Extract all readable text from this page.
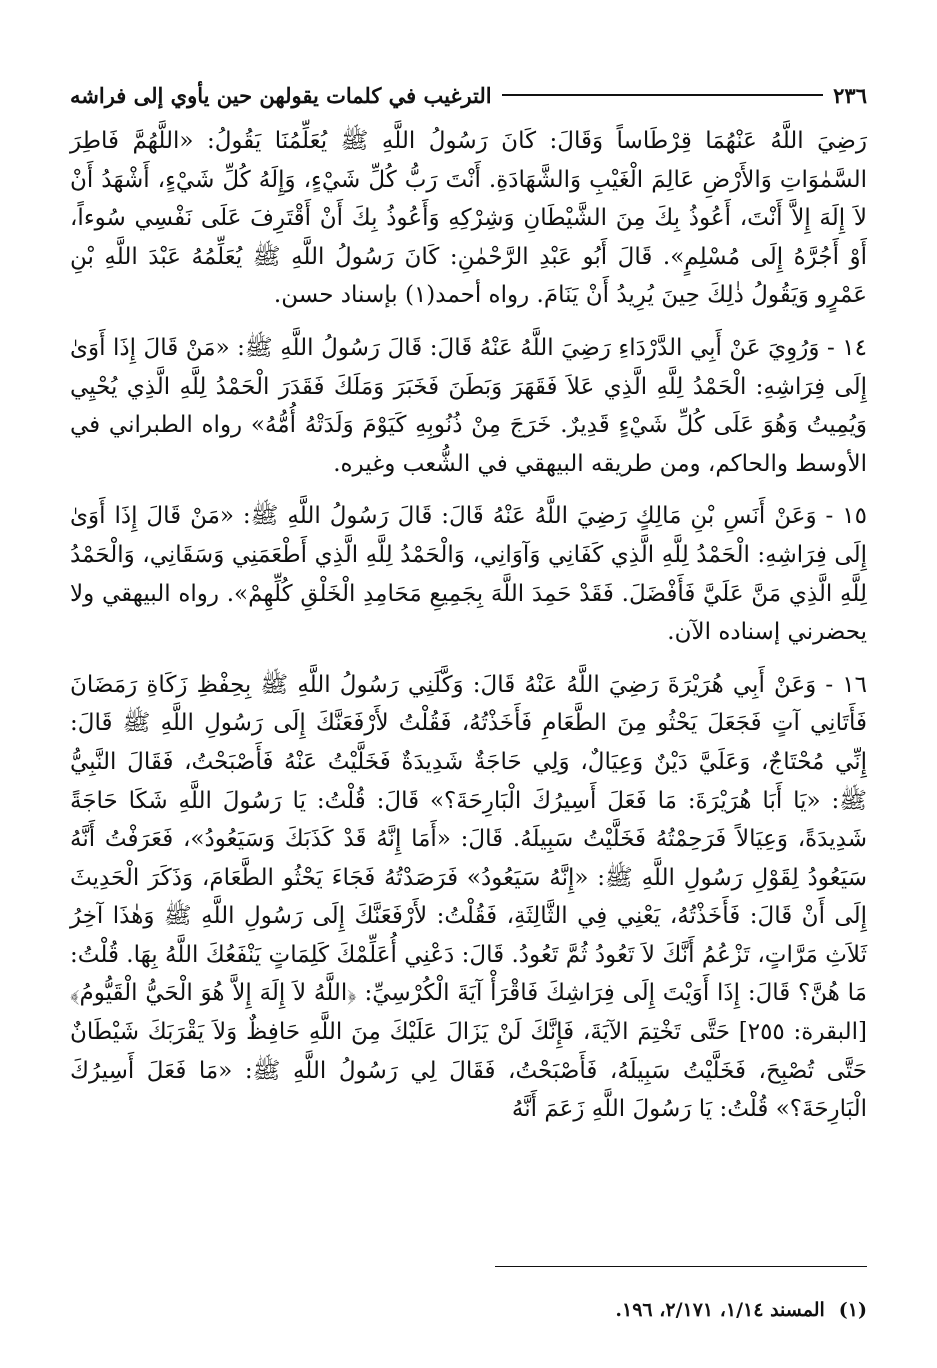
٢٣٦
الترغيب في كلمات يقولهن حين يأوي إلى فراشه

رَضِيَ اللَّهُ عَنْهُمَا قِرْطَاساً وَقَالَ: كَانَ رَسُولُ اللَّهِ ﷺ يُعَلِّمُنَا يَقُولُ: «اللَّهُمَّ فَاطِرَ السَّمٰوَاتِ وَالأَرْضِ عَالِمَ الْغَيْبِ وَالشَّهَادَةِ. أَنْتَ رَبُّ كُلِّ شَيْءٍ، وَإِلَهُ كُلِّ شَيْءٍ، أَشْهَدُ أَنْ لاَ إِلَهَ إِلاَّ أَنْتَ، أَعُوذُ بِكَ مِنَ الشَّيْطَانِ وَشِرْكِهِ وَأَعُوذُ بِكَ أَنْ أَقْتَرِفَ عَلَى نَفْسِي سُوءاً، أَوْ أَجُرَّهُ إِلَى مُسْلِمٍ». قَالَ أَبُو عَبْدِ الرَّحْمٰنِ: كَانَ رَسُولُ اللَّهِ ﷺ يُعَلِّمُهُ عَبْدَ اللَّهِ بْنِ عَمْرٍو وَيَقُولُ ذٰلِكَ حِينَ يُرِيدُ أَنْ يَنَامَ. رواه أحمد(١) بإسناد حسن.

١٤ - وَرُوِيَ عَنْ أَبِي الدَّرْدَاءِ رَضِيَ اللَّهُ عَنْهُ قَالَ: قَالَ رَسُولُ اللَّهِ ﷺ: «مَنْ قَالَ إِذَا أَوَىٰ إِلَى فِرَاشِهِ: الْحَمْدُ لِلَّهِ الَّذِي عَلاَ فَقَهَرَ وَبَطَنَ فَخَبَرَ وَمَلَكَ فَقَدَرَ الْحَمْدُ لِلَّهِ الَّذِي يُحْيِي وَيُمِيتُ وَهُوَ عَلَى كُلِّ شَيْءٍ قَدِيرٌ. خَرَجَ مِنْ ذُنُوبِهِ كَيَوْمَ وَلَدَتْهُ أُمُّهُ» رواه الطبراني في الأوسط والحاكم، ومن طريقه البيهقي في الشُّعب وغيره.

١٥ - وَعَنْ أَنَسِ بْنِ مَالِكٍ رَضِيَ اللَّهُ عَنْهُ قَالَ: قَالَ رَسُولُ اللَّهِ ﷺ: «مَنْ قَالَ إِذَا أَوَىٰ إِلَى فِرَاشِهِ: الْحَمْدُ لِلَّهِ الَّذِي كَفَانِي وَآوَانِي، وَالْحَمْدُ لِلَّهِ الَّذِي أَطْعَمَنِي وَسَقَانِي، وَالْحَمْدُ لِلَّهِ الَّذِي مَنَّ عَلَيَّ فَأَفْضَلَ. فَقَدْ حَمِدَ اللَّهَ بِجَمِيعِ مَحَامِدِ الْخَلْقِ كُلِّهِمْ». رواه البيهقي ولا يحضرني إسناده الآن.

١٦ - وَعَنْ أَبِي هُرَيْرَةَ رَضِيَ اللَّهُ عَنْهُ قَالَ: وَكَّلَنِي رَسُولُ اللَّهِ ﷺ بِحِفْظِ زَكَاةِ رَمَضَانَ فَأَتَانِي آتٍ فَجَعَلَ يَحْثُو مِنَ الطَّعَامِ فَأَخَذْتُهُ، فَقُلْتُ لأَرْفَعَنَّكَ إِلَى رَسُولِ اللَّهِ ﷺ قَالَ: إِنِّي مُحْتَاجٌ، وَعَلَيَّ دَيْنٌ وَعِيَالٌ، وَلِي حَاجَةٌ شَدِيدَةٌ فَخَلَّيْتُ عَنْهُ فَأَصْبَحْتُ، فَقَالَ النَّبِيُّ ﷺ: «يَا أَبَا هُرَيْرَةَ: مَا فَعَلَ أَسِيرُكَ الْبَارِحَةَ؟» قَالَ: قُلْتُ: يَا رَسُولَ اللَّهِ شَكَا حَاجَةً شَدِيدَةً، وَعِيَالاً فَرَحِمْتُهُ فَخَلَّيْتُ سَبِيلَهُ. قَالَ: «أَمَا إِنَّهُ قَدْ كَذَبَكَ وَسَيَعُودُ»، فَعَرَفْتُ أَنَّهُ سَيَعُودُ لِقَوْلِ رَسُولِ اللَّهِ ﷺ: «إِنَّهُ سَيَعُودُ» فَرَصَدْتُهُ فَجَاءَ يَحْثُو الطَّعَامَ، وَذَكَرَ الْحَدِيثَ إِلَى أَنْ قَالَ: فَأَخَذْتُهُ، يَعْنِي فِي الثَّالِثَةِ، فَقُلْتُ: لأَرْفَعَنَّكَ إِلَى رَسُولِ اللَّهِ ﷺ وَهٰذَا آخِرُ ثَلاَثِ مَرَّاتٍ، تَزْعُمُ أَنَّكَ لاَ تَعُودُ ثُمَّ تَعُودُ. قَالَ: دَعْنِي أُعَلِّمْكَ كَلِمَاتٍ يَنْفَعُكَ اللَّهُ بِهَا. قُلْتُ: مَا هُنَّ؟ قَالَ: إِذَا أَوَيْتَ إِلَى فِرَاشِكَ فَاقْرَأْ آيَةَ الْكُرْسِيِّ: ﴿اللَّهُ لاَ إِلَهَ إِلاَّ هُوَ الْحَيُّ الْقَيُّومُ﴾ [البقرة: ٢٥٥] حَتَّى تَخْتِمَ الآيَةَ، فَإِنَّكَ لَنْ يَزَالَ عَلَيْكَ مِنَ اللَّهِ حَافِظٌ وَلاَ يَقْرَبَكَ شَيْطَانٌ حَتَّى تُصْبِحَ، فَخَلَّيْتُ سَبِيلَهُ، فَأَصْبَحْتُ، فَقَالَ لِي رَسُولُ اللَّهِ ﷺ: «مَا فَعَلَ أَسِيرُكَ الْبَارِحَةَ؟» قُلْتُ: يَا رَسُولَ اللَّهِ زَعَمَ أَنَّهُ

(١)المسند ١/١٤، ٢/١٧١، ١٩٦.
